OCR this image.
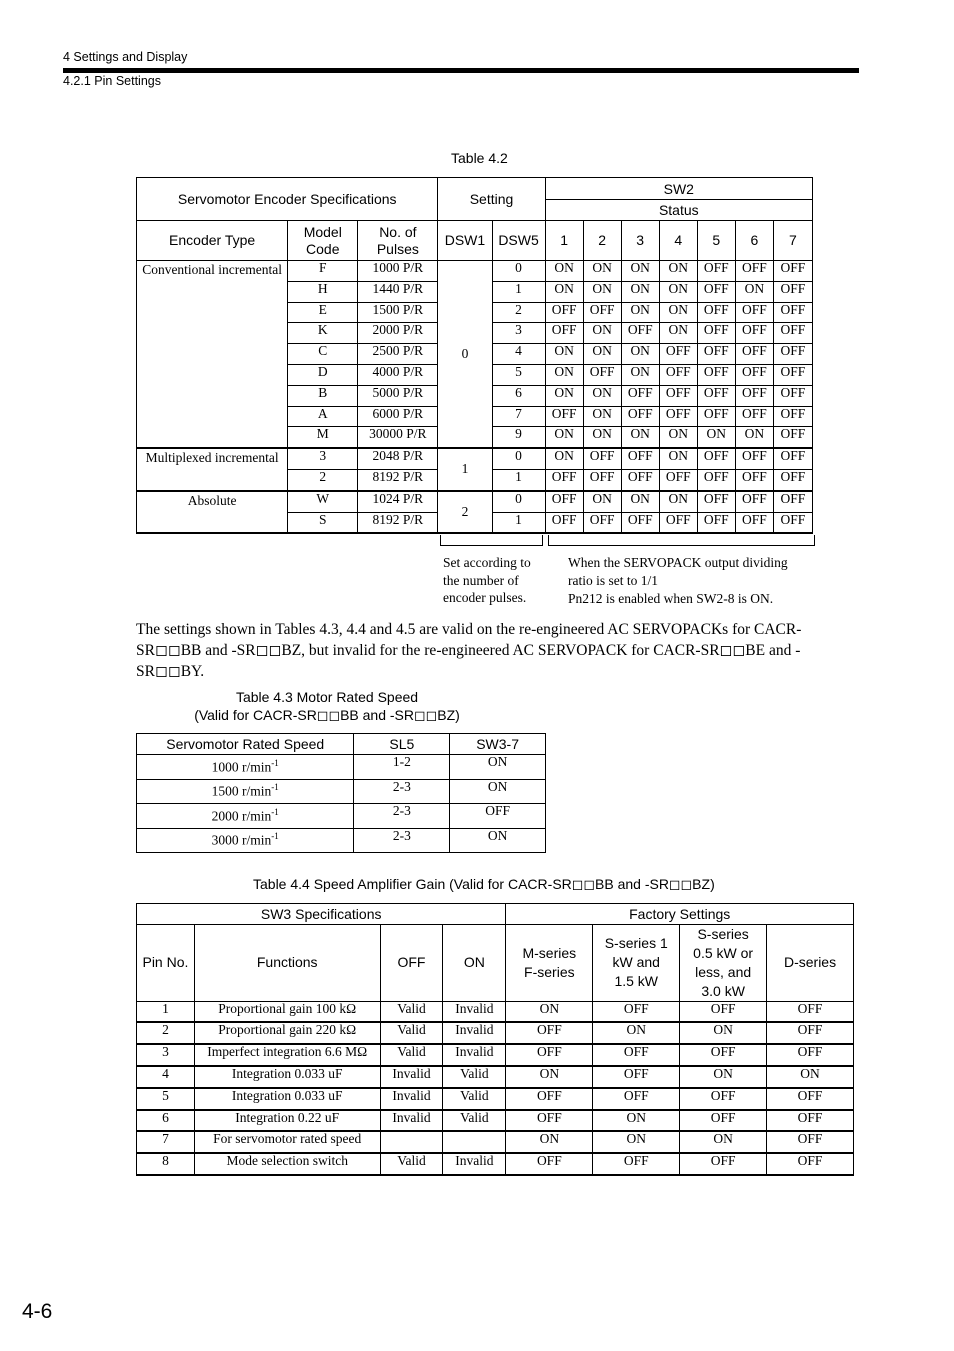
4 Settings and Display
4.2.1 Pin Settings
Table 4.2
Servomotor Encoder Specifications			Setting		SW2						
					Status						
Encoder Type	Model Code	No. of Pulses	DSW1	DSW5	1	2	3	4	5	6	7
Conventional incremental	F	1000 P/R	0	0	ON	ON	ON	ON	OFF	OFF	OFF
	H	1440 P/R		1	ON	ON	ON	ON	OFF	ON	OFF
	E	1500 P/R		2	OFF	OFF	ON	ON	OFF	OFF	OFF
	K	2000 P/R		3	OFF	ON	OFF	ON	OFF	OFF	OFF
	C	2500 P/R		4	ON	ON	ON	OFF	OFF	OFF	OFF
	D	4000 P/R		5	ON	OFF	ON	OFF	OFF	OFF	OFF
	B	5000 P/R		6	ON	ON	OFF	OFF	OFF	OFF	OFF
	A	6000 P/R		7	OFF	ON	OFF	OFF	OFF	OFF	OFF
	M	30000 P/R		9	ON	ON	ON	ON	ON	ON	OFF
Multiplexed incremental	3	2048 P/R	1	0	ON	OFF	OFF	ON	OFF	OFF	OFF
	2	8192 P/R		1	OFF	OFF	OFF	OFF	OFF	OFF	OFF
Absolute	W	1024 P/R	2	0	OFF	ON	ON	ON	OFF	OFF	OFF
	S	8192 P/R		1	OFF	OFF	OFF	OFF	OFF	OFF	OFF
Set according to the number of encoder pulses.
When the SERVOPACK output dividing ratio is set to 1/1
Pn212 is enabled when SW2-8 is ON.
The settings shown in Tables 4.3, 4.4 and 4.5 are valid on the re-engineered AC SERVOPACKs for CACR-SR◻◻BB and -SR◻◻BZ, but invalid for the re-engineered AC SERVOPACK for CACR-SR◻◻BE and -SR◻◻BY.
Table 4.3 Motor Rated Speed
(Valid for CACR-SR◻◻BB and -SR◻◻BZ)
Servomotor Rated Speed	SL5	SW3-7
1000 $r/\min^{-1}$	1-2	ON
1500 $r/\min^{-1}$	2-3	ON
2000 $r/\min^{-1}$	2-3	OFF
3000 $r/\min^{-1}$	2-3	ON
Table 4.4 Speed Amplifier Gain (Valid for CACR-SR◻◻BB and -SR◻◻BZ)
SW3 Specifications				Factory Settings			
Pin No.	Functions	OFF	ON	M-series F-series	S-series 1 kW and 1.5 kW	S-series 0.5 kW or less, and 3.0 kW	D-series
1	Proportional gain 100 kΩ	Valid	Invalid	ON	OFF	OFF	OFF
2	Proportional gain 220 kΩ	Valid	Invalid	OFF	ON	ON	OFF
3	Imperfect integration 6.6 MΩ	Valid	Invalid	OFF	OFF	OFF	OFF
4	Integration 0.033 uF	Invalid	Valid	ON	OFF	ON	ON
5	Integration 0.033 uF	Invalid	Valid	OFF	OFF	OFF	OFF
6	Integration 0.22 uF	Invalid	Valid	OFF	ON	OFF	OFF
7	For servomotor rated speed			ON	ON	ON	OFF
8	Mode selection switch	Valid	Invalid	OFF	OFF	OFF	OFF
4-6
